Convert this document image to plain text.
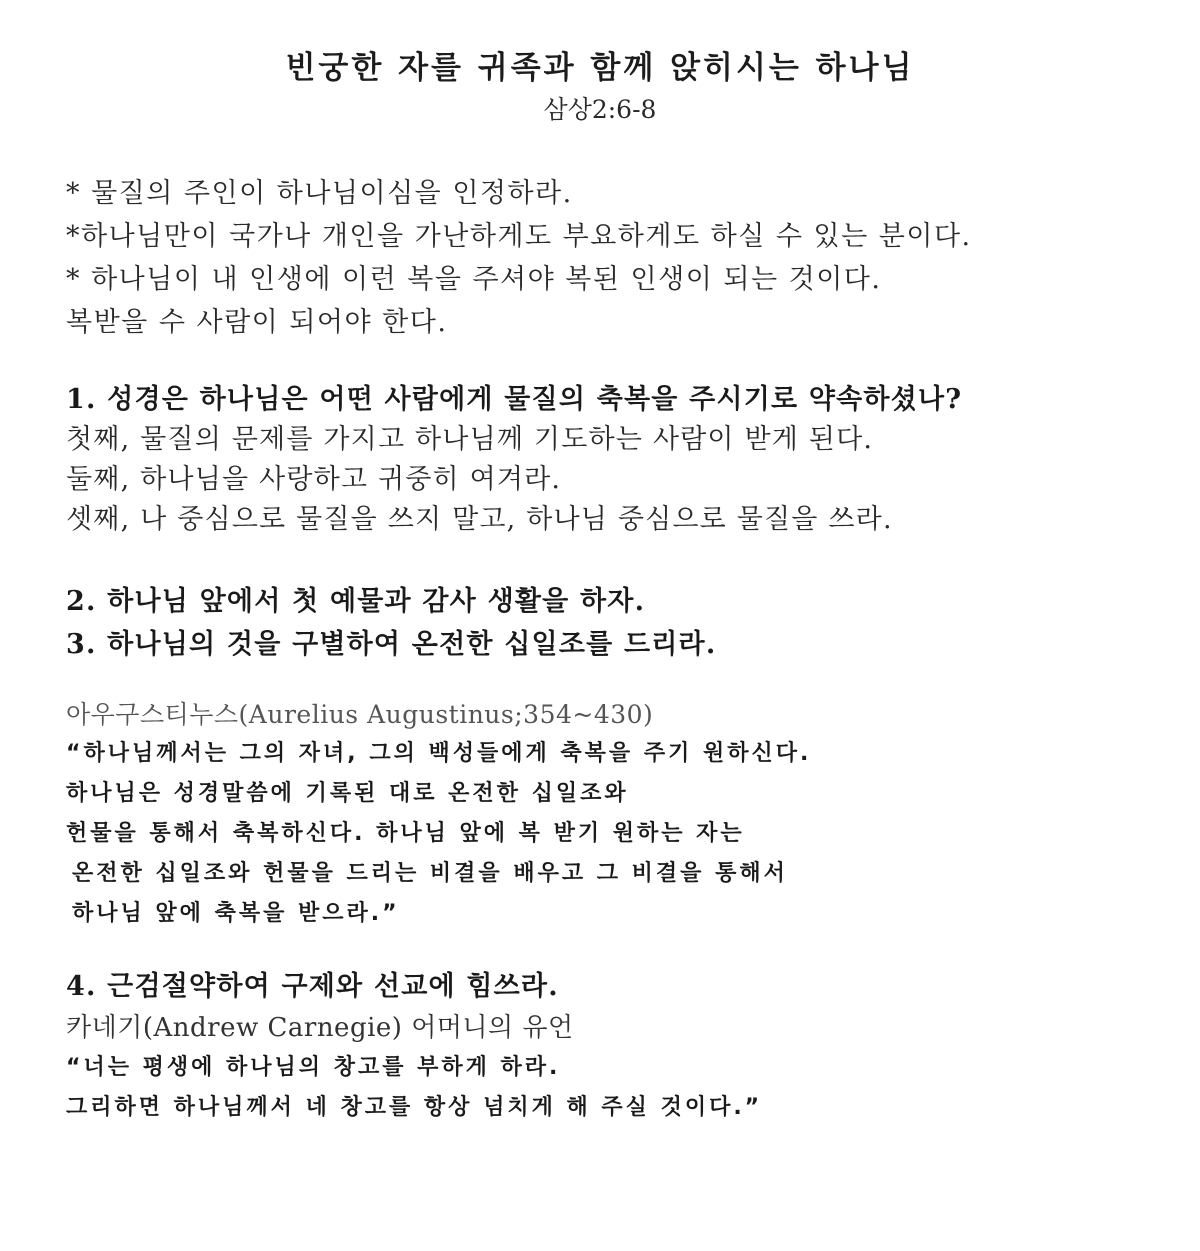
빈궁한 자를 귀족과 함께 앉히시는 하나님
삼상2:6-8
* 물질의 주인이 하나님이심을 인정하라.
*하나님만이 국가나 개인을 가난하게도 부요하게도 하실 수 있는 분이다.
* 하나님이 내 인생에 이런 복을 주셔야 복된 인생이 되는 것이다.
복받을 수 사람이 되어야 한다.
1. 성경은 하나님은 어떤 사람에게 물질의 축복을 주시기로 약속하셨나?
첫째, 물질의 문제를 가지고 하나님께 기도하는 사람이 받게 된다.
둘째, 하나님을 사랑하고 귀중히 여겨라.
셋째, 나 중심으로 물질을 쓰지 말고, 하나님 중심으로 물질을 쓰라.
2. 하나님 앞에서 첫 예물과 감사 생활을 하자.
3. 하나님의 것을 구별하여 온전한 십일조를 드리라.
아우구스티누스(Aurelius Augustinus;354~430)
“하나님께서는 그의 자녀, 그의 백성들에게 축복을 주기 원하신다.
하나님은 성경말씀에 기록된 대로 온전한 십일조와
헌물을 통해서 축복하신다. 하나님 앞에 복 받기 원하는 자는
온전한 십일조와 헌물을 드리는 비결을 배우고 그 비결을 통해서
하나님 앞에 축복을 받으라.”
4. 근검절약하여 구제와 선교에 힘쓰라.
카네기(Andrew Carnegie) 어머니의 유언
“너는 평생에 하나님의 창고를 부하게 하라.
그리하면 하나님께서 네 창고를 항상 넘치게 해 주실 것이다.”
